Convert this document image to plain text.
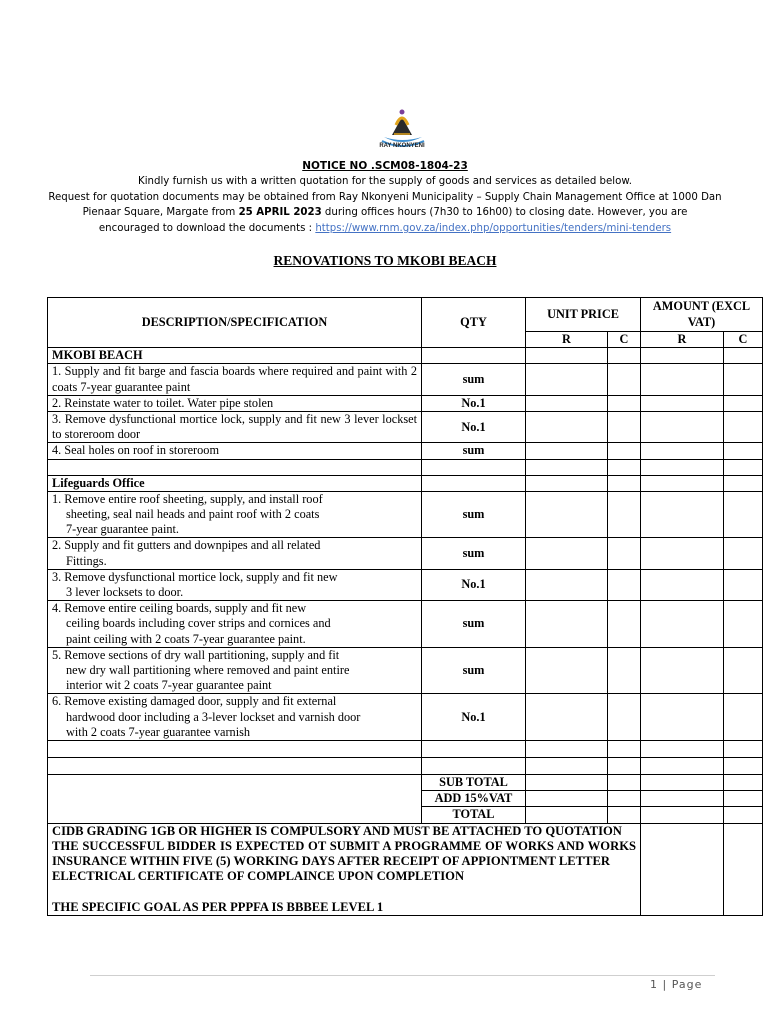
RAY NKONYENI
NOTICE NO .SCM08-1804-23
Kindly furnish us with a written quotation for the supply of goods and services as detailed below.
Request for quotation documents may be obtained from Ray Nkonyeni Municipality – Supply Chain Management Office at 1000 Dan
Pienaar Square, Margate from 25 APRIL 2023 during offices hours (7h30 to 16h00) to closing date. However, you are
encouraged to download the documents : https://www.rnm.gov.za/index.php/opportunities/tenders/mini-tenders
RENOVATIONS TO MKOBI BEACH
DESCRIPTION/SPECIFICATION	QTY	UNIT PRICE		AMOUNT (EXCL VAT)	
		R	C	R	C
MKOBI BEACH					
1. Supply and fit barge and fascia boards where required and paint with 2 coats 7-year guarantee paint	sum				
2. Reinstate water to toilet. Water pipe stolen	No.1				
3. Remove dysfunctional mortice lock, supply and fit new 3 lever lockset to storeroom door	No.1				
4. Seal holes on roof in storeroom	sum				

Lifeguards Office					
1. Remove entire roof sheeting, supply, and install roof
sheeting, seal nail heads and paint roof with 2 coats
7-year guarantee paint.	sum				
2. Supply and fit gutters and downpipes and all related
Fittings.	sum				
3. Remove dysfunctional mortice lock, supply and fit new
3 lever locksets to door.	No.1				
4. Remove entire ceiling boards, supply and fit new
ceiling boards including cover strips and cornices and
paint ceiling with 2 coats 7-year guarantee paint.	sum				
5. Remove sections of dry wall partitioning, supply and fit
new dry wall partitioning where removed and paint entire
interior wit 2 coats 7-year guarantee paint	sum				
6. Remove existing damaged door, supply and fit external
hardwood door including a 3-lever lockset and varnish door
with 2 coats 7-year guarantee varnish	No.1				

	SUB TOTAL				
	ADD 15%VAT				
	TOTAL				

CIDB GRADING 1GB OR HIGHER IS COMPULSORY AND MUST BE ATTACHED TO QUOTATION
THE SUCCESSFUL BIDDER IS EXPECTED OT SUBMIT A PROGRAMME OF WORKS AND WORKS INSURANCE WITHIN FIVE (5) WORKING DAYS AFTER RECEIPT OF APPIONTMENT LETTER
ELECTRICAL CERTIFICATE OF COMPLAINCE UPON COMPLETION
THE SPECIFIC GOAL AS PER PPPFA IS BBBEE LEVEL 1					

1 | Page
